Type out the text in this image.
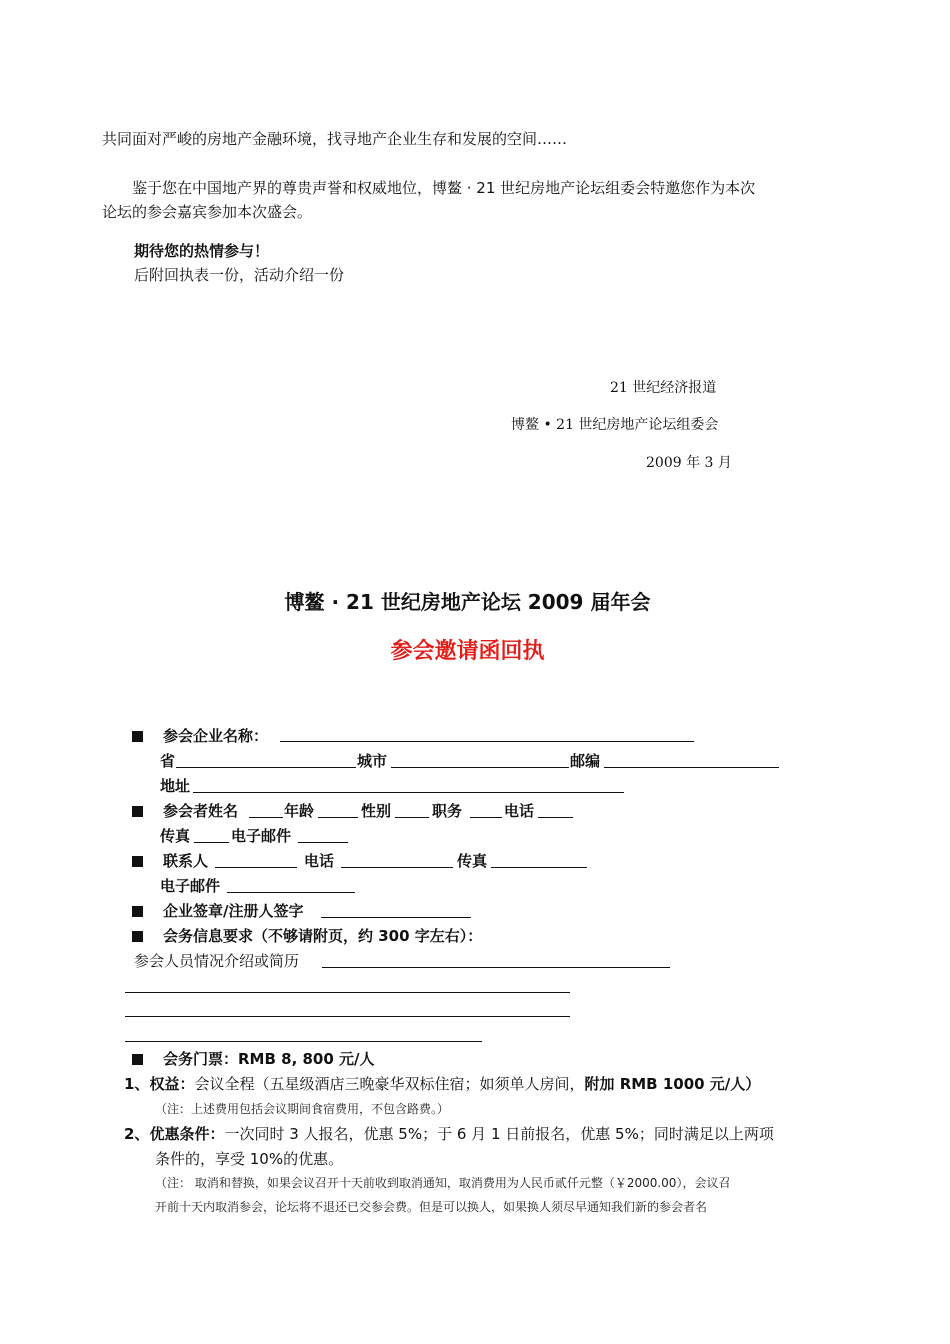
共同面对严峻的房地产金融环境，找寻地产企业生存和发展的空间……
鉴于您在中国地产界的尊贵声誉和权威地位，博鳌 · 21 世纪房地产论坛组委会特邀您作为本次
论坛的参会嘉宾参加本次盛会。
期待您的热情参与！
后附回执表一份，活动介绍一份
21 世纪经济报道
博鳌 • 21 世纪房地产论坛组委会
2009 年 3 月
博鳌 · 21 世纪房地产论坛 2009 届年会
参会邀请函回执
参会企业名称：
省	城市	邮编
地址
参会者姓名	年龄	性别	职务	电话
传真	电子邮件
联系人	电话	传真
电子邮件
企业签章/注册人签字
会务信息要求（不够请附页，约 300 字左右）：
参会人员情况介绍或简历
会务门票：RMB 8, 800 元/人
1、权益：会议全程（五星级酒店三晚豪华双标住宿；如须单人房间，附加 RMB 1000 元/人）
（注：上述费用包括会议期间食宿费用，不包含路费。）
2、优惠条件：一次同时 3 人报名，优惠 5%；于 6 月 1 日前报名，优惠 5%；同时满足以上两项
条件的，享受 10%的优惠。
（注： 取消和替换，如果会议召开十天前收到取消通知，取消费用为人民币贰仟元整（￥2000.00），会议召
开前十天内取消参会，论坛将不退还已交参会费。但是可以换人，如果换人须尽早通知我们新的参会者名
